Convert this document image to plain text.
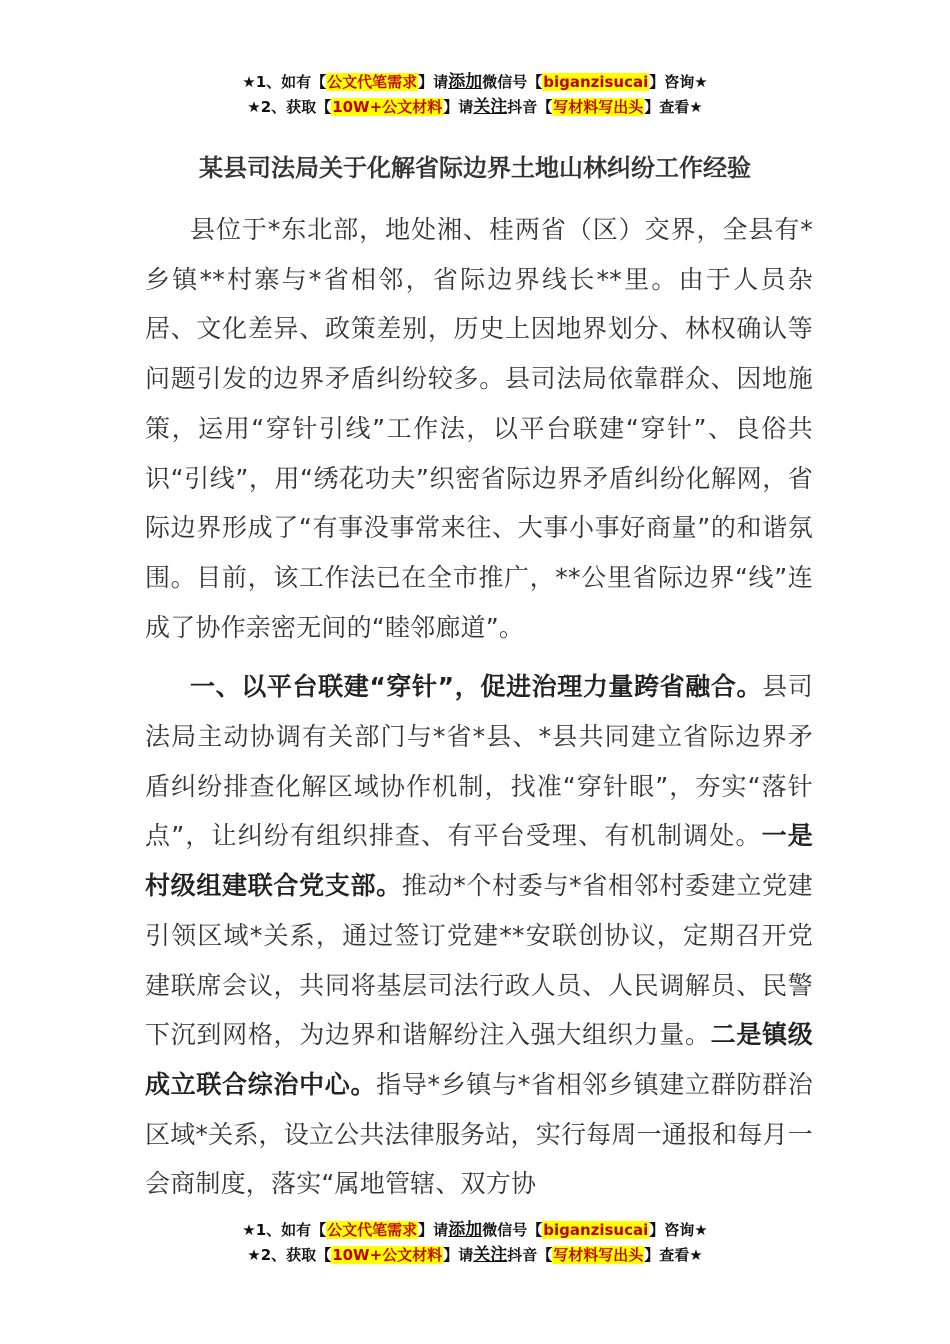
★1、如有【公文代笔需求】请添加微信号【biganzisucai】咨询★
★2、获取【10W+公文材料】请关注抖音【写材料写出头】查看★
某县司法局关于化解省际边界土地山林纠纷工作经验

县位于*东北部，地处湘、桂两省（区）交界，全县有*乡镇**村寨与*省相邻，省际边界线长**里。由于人员杂居、文化差异、政策差别，历史上因地界划分、林权确认等问题引发的边界矛盾纠纷较多。县司法局依靠群众、因地施策，运用“穿针引线”工作法，以平台联建“穿针”、良俗共识“引线”，用“绣花功夫”织密省际边界矛盾纠纷化解网，省际边界形成了“有事没事常来往、大事小事好商量”的和谐氛围。目前，该工作法已在全市推广，**公里省际边界“线”连成了协作亲密无间的“睦邻廊道”。

一、以平台联建“穿针”，促进治理力量跨省融合。县司法局主动协调有关部门与*省*县、*县共同建立省际边界矛盾纠纷排查化解区域协作机制，找准“穿针眼”，夯实“落针点”，让纠纷有组织排查、有平台受理、有机制调处。一是村级组建联合党支部。推动*个村委与*省相邻村委建立党建引领区域*关系，通过签订党建**安联创协议，定期召开党建联席会议，共同将基层司法行政人员、人民调解员、民警下沉到网格，为边界和谐解纷注入强大组织力量。二是镇级成立联合综治中心。指导*乡镇与*省相邻乡镇建立群防群治区域*关系，设立公共法律服务站，实行每周一通报和每月一会商制度，落实“属地管辖、双方协

★1、如有【公文代笔需求】请添加微信号【biganzisucai】咨询★
★2、获取【10W+公文材料】请关注抖音【写材料写出头】查看★
